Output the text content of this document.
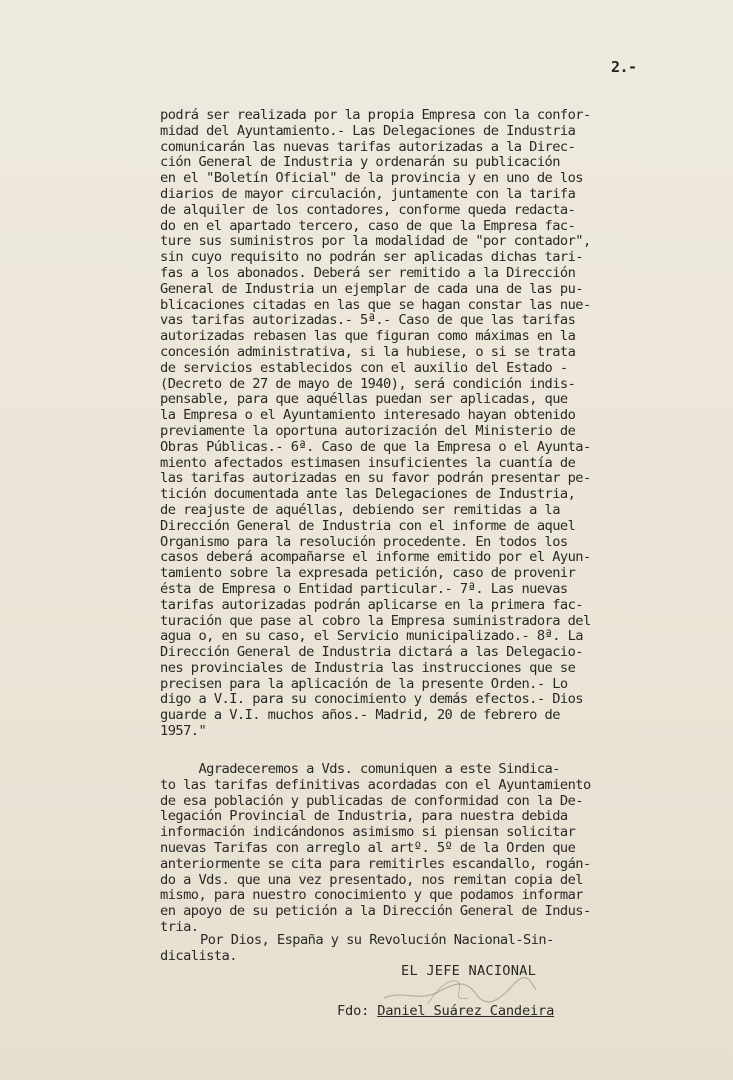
2.-
podrá ser realizada por la propia Empresa con la confor-
midad del Ayuntamiento.- Las Delegaciones de Industria
comunicarán las nuevas tarifas autorizadas a la Direc-
ción General de Industria y ordenarán su publicación
en el "Boletín Oficial" de la provincia y en uno de los
diarios de mayor circulación, juntamente con la tarifa
de alquiler de los contadores, conforme queda redacta-
do en el apartado tercero, caso de que la Empresa fac-
ture sus suministros por la modalidad de "por contador",
sin cuyo requisito no podrán ser aplicadas dichas tari-
fas a los abonados. Deberá ser remitido a la Dirección
General de Industria un ejemplar de cada una de las pu-
blicaciones citadas en las que se hagan constar las nue-
vas tarifas autorizadas.- 5ª.- Caso de que las tarifas
autorizadas rebasen las que figuran como máximas en la
concesión administrativa, si la hubiese, o si se trata
de servicios establecidos con el auxilio del Estado -
(Decreto de 27 de mayo de 1940), será condición indis-
pensable, para que aquéllas puedan ser aplicadas, que
la Empresa o el Ayuntamiento interesado hayan obtenido
previamente la oportuna autorización del Ministerio de
Obras Públicas.- 6ª. Caso de que la Empresa o el Ayunta-
miento afectados estimasen insuficientes la cuantía de
las tarifas autorizadas en su favor podrán presentar pe-
tición documentada ante las Delegaciones de Industria,
de reajuste de aquéllas, debiendo ser remitidas a la
Dirección General de Industria con el informe de aquel
Organismo para la resolución procedente. En todos los
casos deberá acompañarse el informe emitido por el Ayun-
tamiento sobre la expresada petición, caso de provenir
ésta de Empresa o Entidad particular.- 7ª. Las nuevas
tarifas autorizadas podrán aplicarse en la primera fac-
turación que pase al cobro la Empresa suministradora del
agua o, en su caso, el Servicio municipalizado.- 8ª. La
Dirección General de Industria dictará a las Delegacio-
nes provinciales de Industria las instrucciones que se
precisen para la aplicación de la presente Orden.- Lo
digo a V.I. para su conocimiento y demás efectos.- Dios
guarde a V.I. muchos años.- Madrid, 20 de febrero de
1957."
Agradeceremos a Vds. comuniquen a este Sindica-
to las tarifas definitivas acordadas con el Ayuntamiento
de esa población y publicadas de conformidad con la De-
legación Provincial de Industria, para nuestra debida
información indicándonos asimismo si piensan solicitar
nuevas Tarifas con arreglo al artº. 5º de la Orden que
anteriormente se cita para remitirles escandallo, rogán-
do a Vds. que una vez presentado, nos remitan copia del
mismo, para nuestro conocimiento y que podamos informar
en apoyo de su petición a la Dirección General de Indus-
tria.
Por Dios, España y su Revolución Nacional-Sin-
dicalista.
EL JEFE NACIONAL
Fdo: Daniel Suárez Candeira
